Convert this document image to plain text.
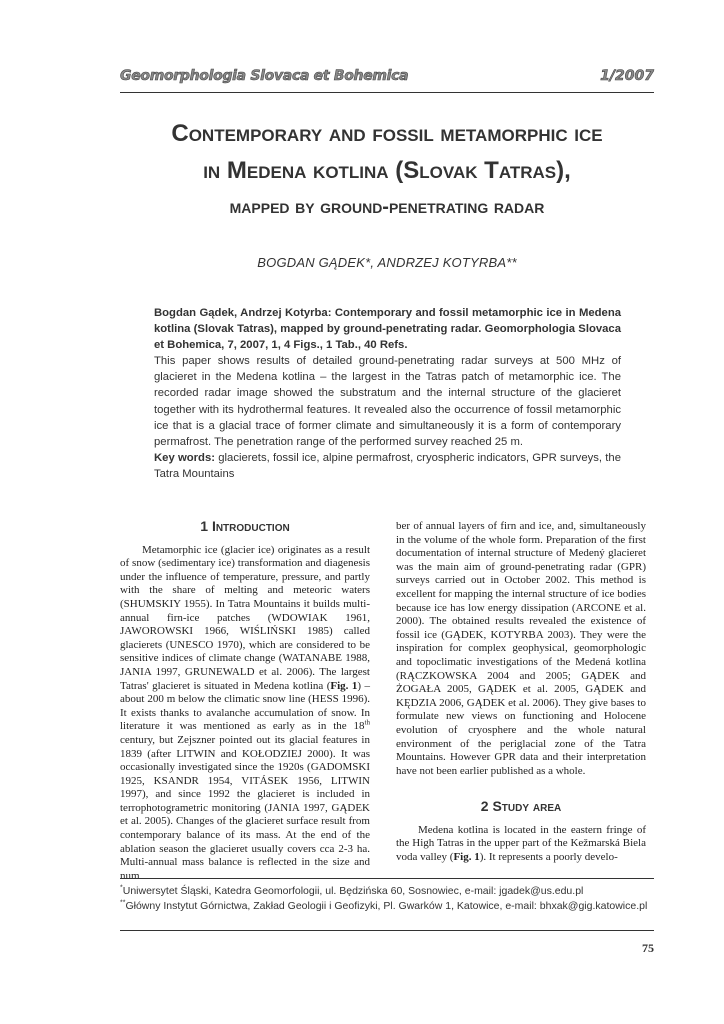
Geomorphologia Slovaca et Bohemica	1/2007
Contemporary and fossil metamorphic ice
in Medena kotlina (Slovak Tatras),
mapped by ground-penetrating radar
BOGDAN GĄDEK*, ANDRZEJ KOTYRBA**

Bogdan Gądek, Andrzej Kotyrba: Contemporary and fossil metamorphic ice in Medena kotlina (Slovak Tatras), mapped by ground-penetrating radar. Geomorphologia Slovaca et Bohemica, 7, 2007, 1, 4 Figs., 1 Tab., 40 Refs.

This paper shows results of detailed ground-penetrating radar surveys at 500 MHz of glacieret in the Medena kotlina – the largest in the Tatras patch of metamorphic ice. The recorded radar image showed the substratum and the internal structure of the glacieret together with its hydrothermal features. It revealed also the occurrence of fossil metamorphic ice that is a glacial trace of former climate and simultaneously it is a form of contemporary permafrost. The penetration range of the performed survey reached 25 m.

Key words: glacierets, fossil ice, alpine permafrost, cryospheric indicators, GPR surveys, the Tatra Mountains

1 Introduction

Metamorphic ice (glacier ice) originates as a result of snow (sedimentary ice) transformation and diagenesis under the influence of temperature, pressure, and partly with the share of melting and meteoric waters (SHUMSKIY 1955). In Tatra Mountains it builds multi-annual firn-ice patches (WDOWIAK 1961, JAWOROWSKI 1966, WIŚLIŃSKI 1985) called glacierets (UNESCO 1970), which are considered to be sensitive indices of climate change (WATANABE 1988, JANIA 1997, GRUNEWALD et al. 2006). The largest Tatras' glacieret is situated in Medena kotlina (Fig. 1) – about 200 m below the climatic snow line (HESS 1996). It exists thanks to avalanche accumulation of snow. In literature it was mentioned as early as in the 18th century, but Zejszner pointed out its glacial features in 1839 (after LITWIN and KOŁODZIEJ 2000). It was occasionally investigated since the 1920s (GADOMSKI 1925, KSANDR 1954, VITÁSEK 1956, LITWIN 1997), and since 1992 the glacieret is included in terrophotogrametric monitoring (JANIA 1997, GĄDEK et al. 2005). Changes of the glacieret surface result from contemporary balance of its mass. At the end of the ablation season the glacieret usually covers cca 2-3 ha. Multi-annual mass balance is reflected in the size and num

ber of annual layers of firn and ice, and, simultaneously in the volume of the whole form. Preparation of the first documentation of internal structure of Medený glacieret was the main aim of ground-penetrating radar (GPR) surveys carried out in October 2002. This method is excellent for mapping the internal structure of ice bodies because ice has low energy dissipation (ARCONE et al. 2000). The obtained results revealed the existence of fossil ice (GĄDEK, KOTYRBA 2003). They were the inspiration for complex geophysical, geomorphologic and topoclimatic investigations of the Medená kotlina (RĄCZKOWSKA 2004 and 2005; GĄDEK and ŻOGAŁA 2005, GĄDEK et al. 2005, GĄDEK and KĘDZIA 2006, GĄDEK et al. 2006). They give bases to formulate new views on functioning and Holocene evolution of cryosphere and the whole natural environment of the periglacial zone of the Tatra Mountains. However GPR data and their interpretation have not been earlier published as a whole.

2 Study area

Medena kotlina is located in the eastern fringe of the High Tatras in the upper part of the Kežmarská Biela voda valley (Fig. 1). It represents a poorly develo-

*Uniwersytet Śląski, Katedra Geomorfologii, ul. Będzińska 60, Sosnowiec, e-mail: jgadek@us.edu.pl

**Główny Instytut Górnictwa, Zakład Geologii i Geofizyki, Pl. Gwarków 1, Katowice, e-mail: bhxak@gig.katowice.pl

75
